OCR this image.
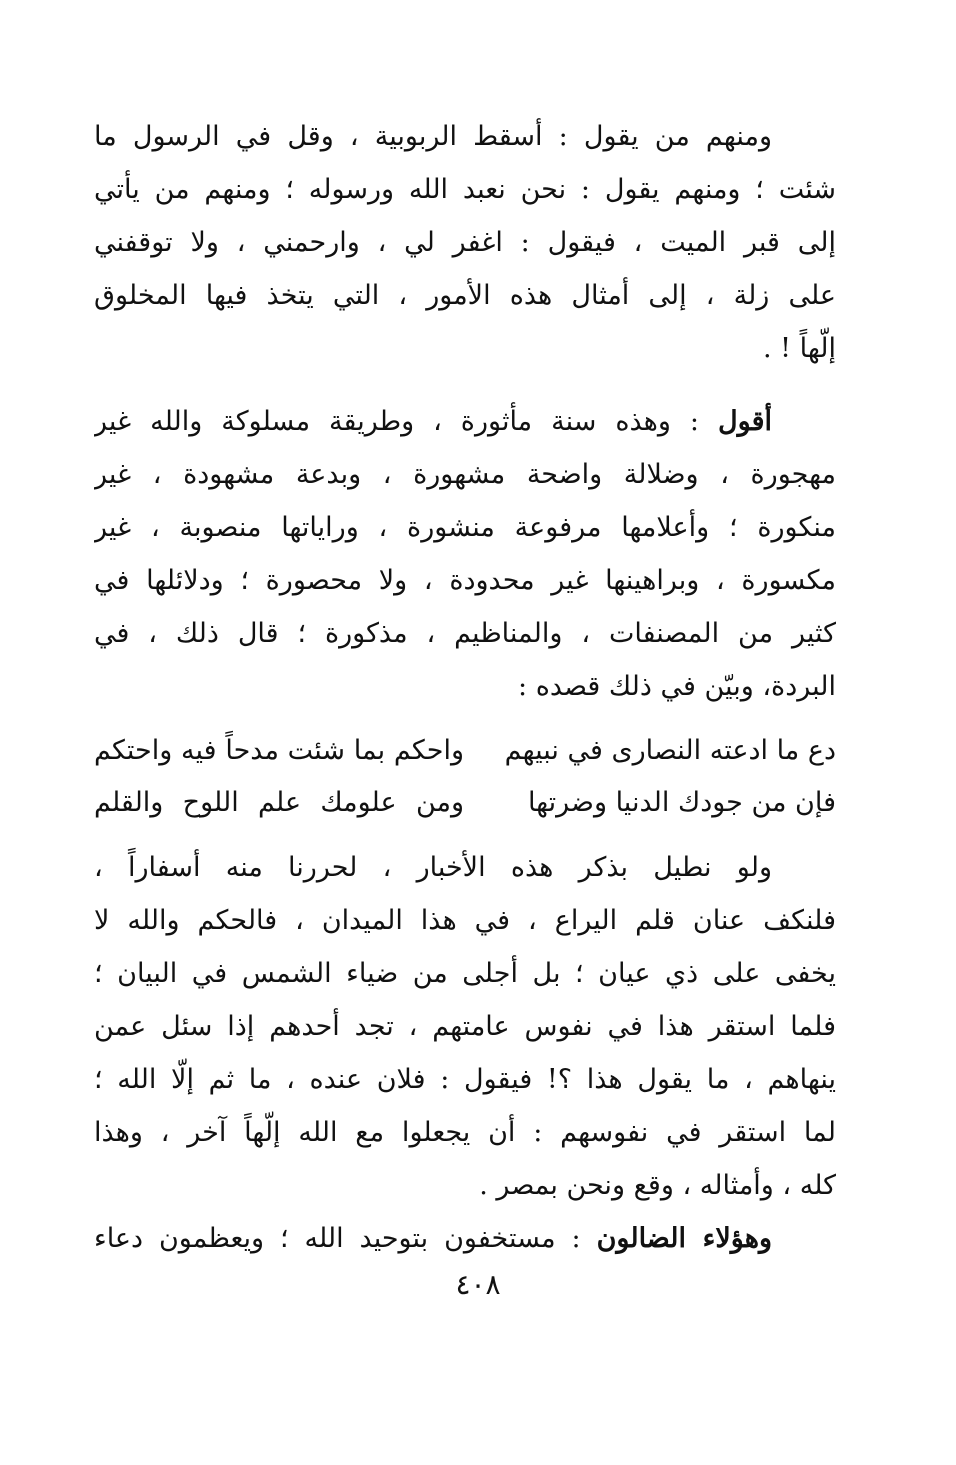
ومنهم من يقول : أسقط الربوبية ، وقل في الرسول ما
شئت ؛ ومنهم يقول : نحن نعبد الله ورسوله ؛ ومنهم من يأتي
إلى قبر الميت ، فيقول : اغفر لي ، وارحمني ، ولا توقفني
على زلة ، إلى أمثال هذه الأمور ، التي يتخذ فيها المخلوق
إلّهاً ! .
أقول : وهذه سنة مأثورة ، وطريقة مسلوكة والله غير
مهجورة ، وضلالة واضحة مشهورة ، وبدعة مشهودة ، غير
منكورة ؛ وأعلامها مرفوعة منشورة ، وراياتها منصوبة ، غير
مكسورة ، وبراهينها غير محدودة ، ولا محصورة ؛ ودلائلها في
كثير من المصنفات ، والمناظيم ، مذكورة ؛ قال ذلك ، في
البردة، وبيّن في ذلك قصده :
دع ما ادعته النصارى في نبيهم
واحكم بما شئت مدحاً فيه واحتكم
فإن من جودك الدنيا وضرتها
ومن علومك علم اللوح والقلم
ولو نطيل بذكر هذه الأخبار ، لحررنا منه أسفاراً ،
فلنكف عنان قلم اليراع ، في هذا الميدان ، فالحكم والله لا
يخفى على ذي عيان ؛ بل أجلى من ضياء الشمس في البيان ؛
فلما استقر هذا في نفوس عامتهم ، تجد أحدهم إذا سئل عمن
ينهاهم ، ما يقول هذا ؟! فيقول : فلان عنده ، ما ثم إلّا الله ؛
لما استقر في نفوسهم : أن يجعلوا مع الله إلّهاً آخر ، وهذا
كله ، وأمثاله ، وقع ونحن بمصر .
وهؤلاء الضالون : مستخفون بتوحيد الله ؛ ويعظمون دعاء
٤٠٨
